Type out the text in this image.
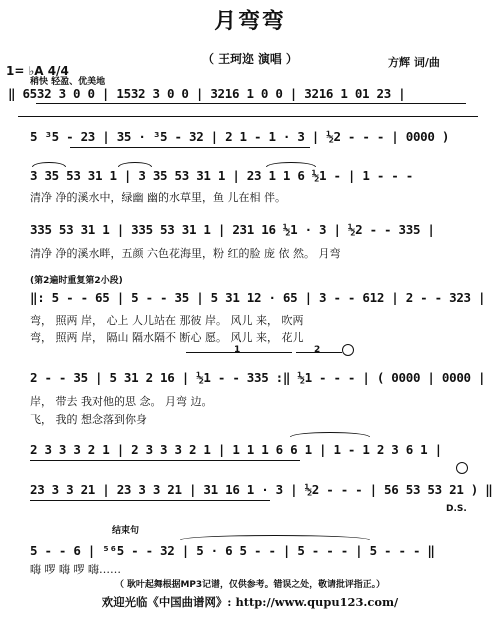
月弯弯
（ 王珂迩 演唱 ）	方辉 词/曲
1= ♭A 4/4
稍快 轻盈、优美地
‖ 6532 3 0 0 | 1532 3 0 0 | 3216 1 0 0 | 3216 1 01 23 |
5 ³5 - 23 | 35 · ³5 - 32 | 2 1 - 1 · 3 | ½2 - - - | 0000 )
3 35 53 31 1 | 3 35 53 31 1 | 23 1 1 6 ½1 - | 1 - - -
清净 净的溪水中，绿幽 幽的水草里，鱼 儿在相 伴。
335 53 31 1 | 335 53 31 1 | 231 16 ½1 · 3 | ½2 - - 335 |
清净 净的溪水畔，五颜 六色花海里，粉 红的脸 庞 依 然。 月弯
(第2遍时重复第2小段)
‖: 5 - - 65 | 5 - - 35 | 5 31 12 · 65 | 3 - - 612 | 2 - - 323 |
弯， 照两 岸， 心上 人儿站在 那彼 岸。 风儿 来， 吹两
弯， 照两 岸， 隔山 隔水隔不 断心 愿。 风儿 来， 花儿
1	2
2 - - 35 | 5 31 2 16 | ½1 - - 335 :‖ ½1 - - - | ( 0000 | 0000 |
岸， 带去 我对他的思 念。 月弯 边。
飞， 我的 想念落到你身
2 3 3 3 2 1 | 2 3 3 3 2 1 | 1 1 1 6 6 1 | 1 - 1 2 3 6 1 |
23 3 3 21 | 23 3 3 21 | 31 16 1 · 3 | ½2 - - - | 56 53 53 21 ) ‖
D.S.
结束句
5 - - 6 | ⁵⁶5 - - 32 | 5 · 6 5 - - | 5 - - - | 5 - - - ‖
嗨 啰 嗨 啰 嗨……
（ 耿叶起舞根据MP3记谱，仅供参考。错误之处，敬请批评指正。）
欢迎光临《中国曲谱网》: http://www.qupu123.com/
